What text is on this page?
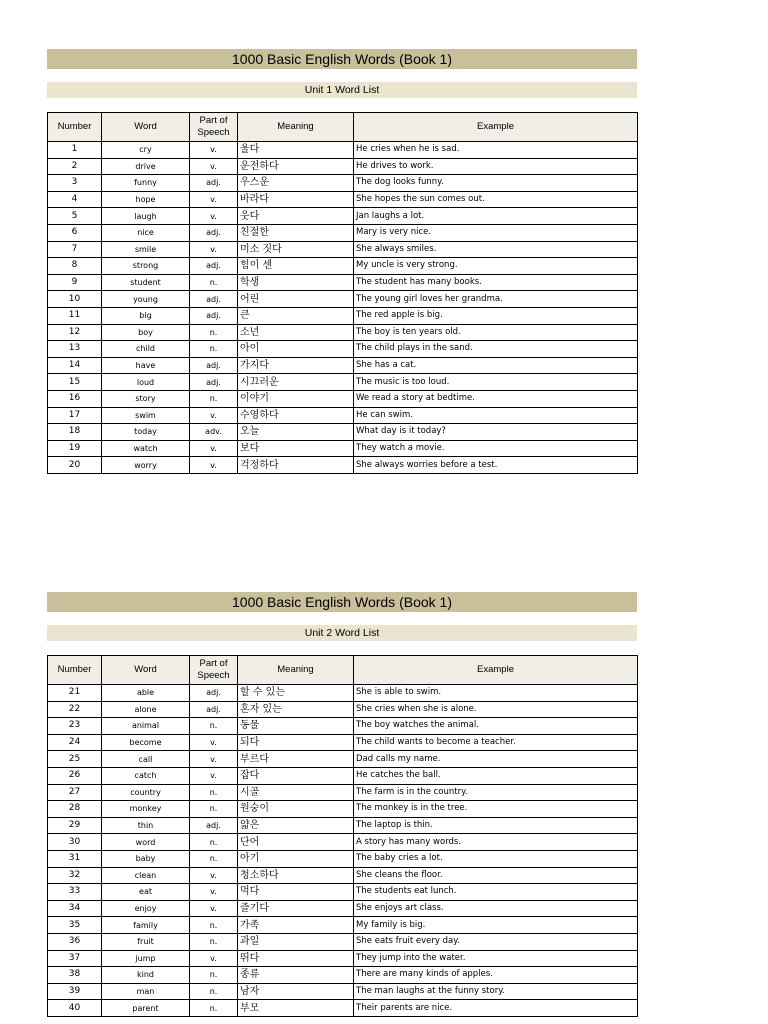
1000 Basic English Words (Book 1)
Unit 1 Word List
Number	Word	Part of Speech	Meaning	Example
1	cry	v.	울다	He cries when he is sad.
2	drive	v.	운전하다	He drives to work.
3	funny	adj.	우스운	The dog looks funny.
4	hope	v.	바라다	She hopes the sun comes out.
5	laugh	v.	웃다	Jan laughs a lot.
6	nice	adj.	친절한	Mary is very nice.
7	smile	v.	미소 짓다	She always smiles.
8	strong	adj.	힘이 센	My uncle is very strong.
9	student	n.	학생	The student has many books.
10	young	adj.	어린	The young girl loves her grandma.
11	big	adj.	큰	The red apple is big.
12	boy	n.	소년	The boy is ten years old.
13	child	n.	아이	The child plays in the sand.
14	have	adj.	가지다	She has a cat.
15	loud	adj.	시끄러운	The music is too loud.
16	story	n.	이야기	We read a story at bedtime.
17	swim	v.	수영하다	He can swim.
18	today	adv.	오늘	What day is it today?
19	watch	v.	보다	They watch a movie.
20	worry	v.	걱정하다	She always worries before a test.
1000 Basic English Words (Book 1)
Unit 2 Word List
Number	Word	Part of Speech	Meaning	Example
21	able	adj.	할 수 있는	She is able to swim.
22	alone	adj.	혼자 있는	She cries when she is alone.
23	animal	n.	동물	The boy watches the animal.
24	become	v.	되다	The child wants to become a teacher.
25	call	v.	부르다	Dad calls my name.
26	catch	v.	잡다	He catches the ball.
27	country	n.	시골	The farm is in the country.
28	monkey	n.	원숭이	The monkey is in the tree.
29	thin	adj.	얇은	The laptop is thin.
30	word	n.	단어	A story has many words.
31	baby	n.	아기	The baby cries a lot.
32	clean	v.	청소하다	She cleans the floor.
33	eat	v.	먹다	The students eat lunch.
34	enjoy	v.	즐기다	She enjoys art class.
35	family	n.	가족	My family is big.
36	fruit	n.	과일	She eats fruit every day.
37	jump	v.	뛰다	They jump into the water.
38	kind	n.	종류	There are many kinds of apples.
39	man	n.	남자	The man laughs at the funny story.
40	parent	n.	부모	Their parents are nice.
